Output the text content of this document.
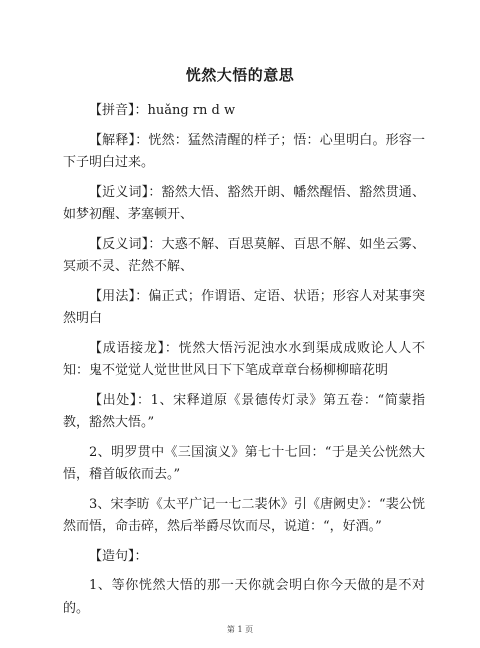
恍然大悟的意思

【拼音】：huǎng rn d w

【解释】：恍然：猛然清醒的样子；悟：心里明白。形容一下子明白过来。

【近义词】：豁然大悟、豁然开朗、幡然醒悟、豁然贯通、如梦初醒、茅塞顿开、

【反义词】：大惑不解、百思莫解、百思不解、如坐云雾、冥顽不灵、茫然不解、

【用法】：偏正式；作谓语、定语、状语；形容人对某事突然明白

【成语接龙】：恍然大悟污泥浊水水到渠成成败论人人不知：鬼不觉觉人觉世世风日下下笔成章章台杨柳柳暗花明

【出处】：1、宋释道原《景德传灯录》第五卷：“简蒙指教，豁然大悟。”

2、明罗贯中《三国演义》第七十七回：“于是关公恍然大悟，稽首皈依而去。”

3、宋李昉《太平广记一七二裴休》引《唐阙史》：“裴公恍然而悟，命击碎，然后举爵尽饮而尽，说道：“，好酒。”

【造句】：

1、等你恍然大悟的那一天你就会明白你今天做的是不对的。

第 1 页
